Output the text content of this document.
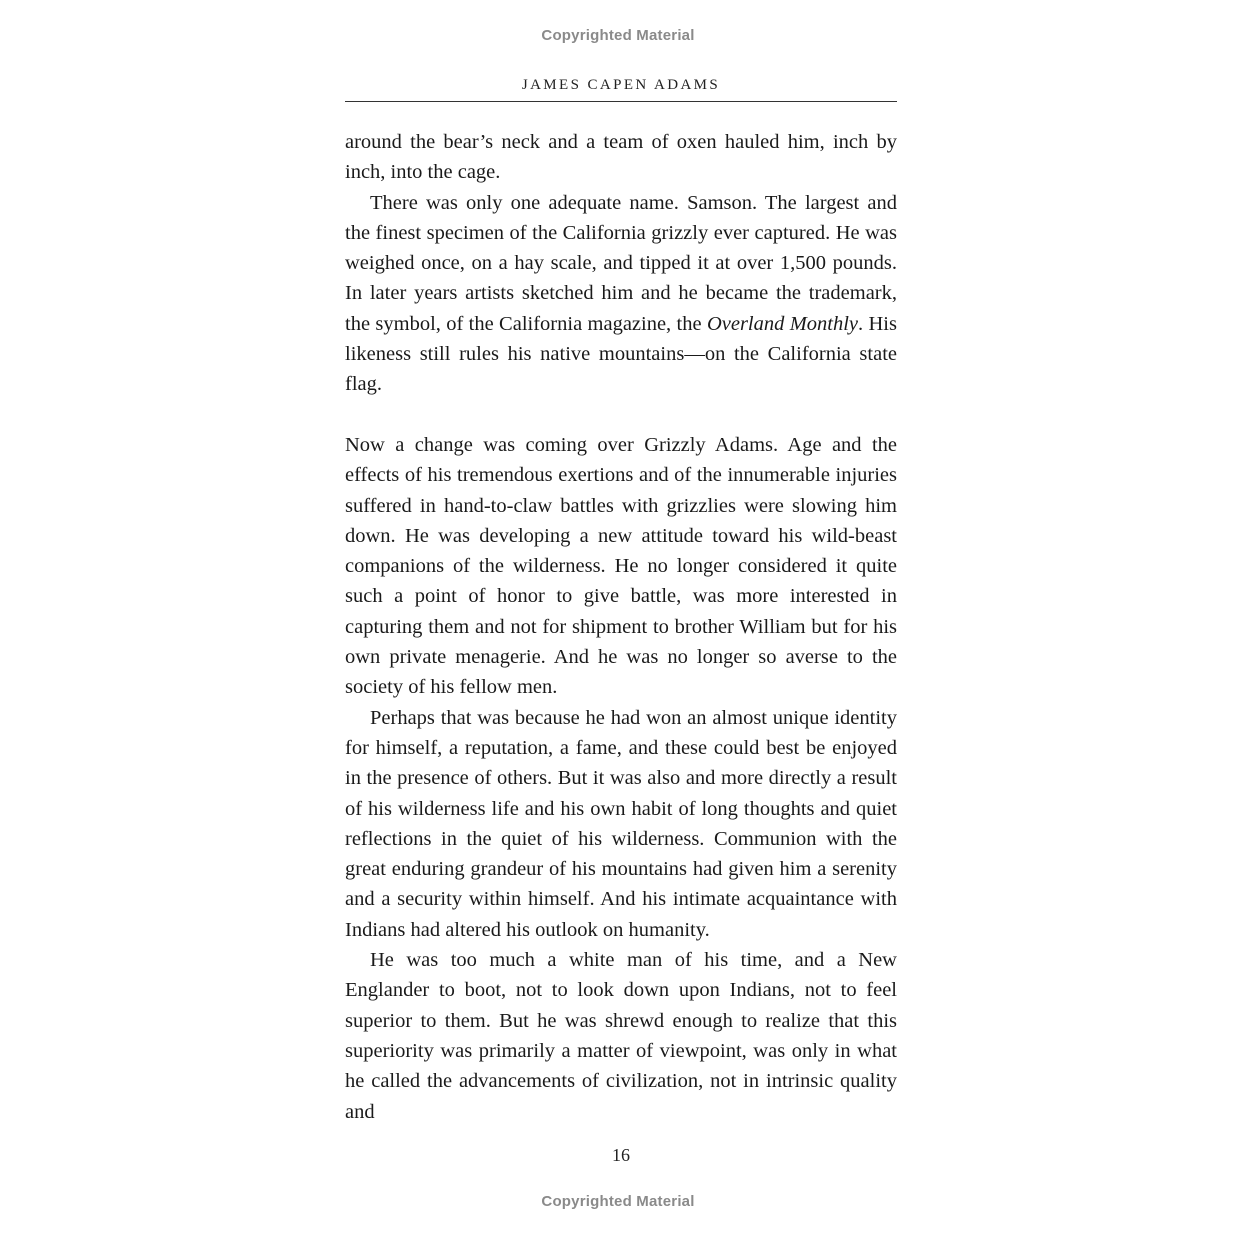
Copyrighted Material
JAMES CAPEN ADAMS

around the bear’s neck and a team of oxen hauled him, inch by inch, into the cage.

There was only one adequate name. Samson. The largest and the finest specimen of the California grizzly ever captured. He was weighed once, on a hay scale, and tipped it at over 1,500 pounds. In later years artists sketched him and he became the trademark, the symbol, of the California magazine, the Overland Monthly. His likeness still rules his native mountains—on the California state flag.

Now a change was coming over Grizzly Adams. Age and the effects of his tremendous exertions and of the innumerable injuries suffered in hand-to-claw battles with grizzlies were slowing him down. He was developing a new attitude toward his wild-beast companions of the wilderness. He no longer considered it quite such a point of honor to give battle, was more interested in capturing them and not for shipment to brother William but for his own private menagerie. And he was no longer so averse to the society of his fellow men.

Perhaps that was because he had won an almost unique identity for himself, a reputation, a fame, and these could best be enjoyed in the presence of others. But it was also and more directly a result of his wilderness life and his own habit of long thoughts and quiet reflections in the quiet of his wilderness. Communion with the great enduring grandeur of his mountains had given him a serenity and a security within himself. And his intimate acquaintance with Indians had altered his outlook on humanity.

He was too much a white man of his time, and a New Englander to boot, not to look down upon Indians, not to feel superior to them. But he was shrewd enough to realize that this superiority was primarily a matter of viewpoint, was only in what he called the advancements of civilization, not in intrinsic quality and

16
Copyrighted Material
